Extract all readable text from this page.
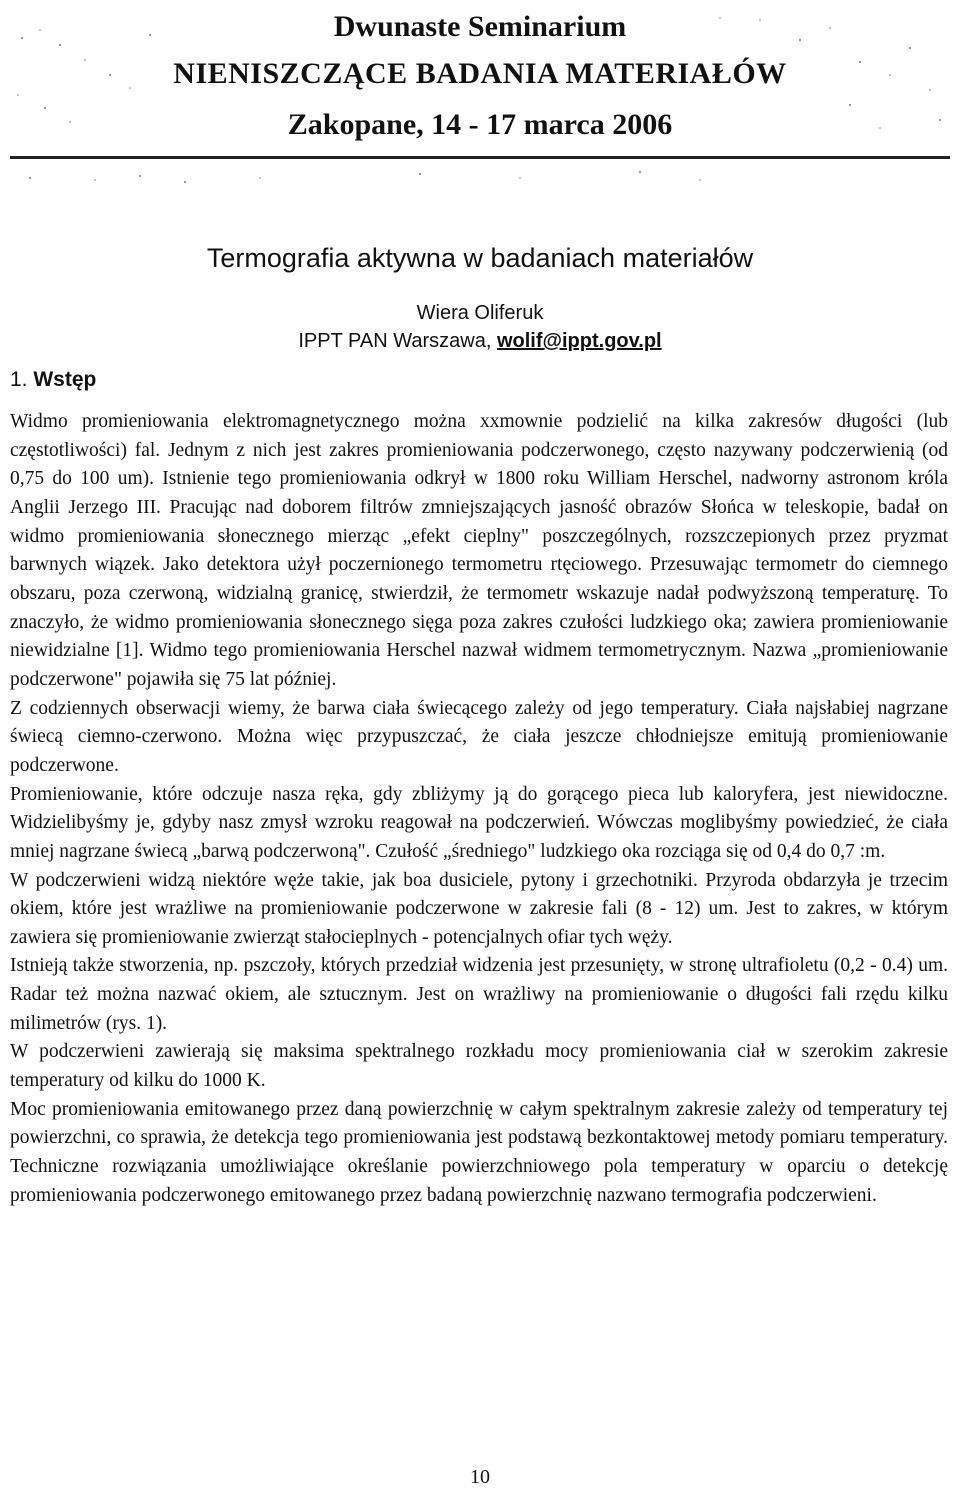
Dwunaste Seminarium
NIENISZCZĄCE BADANIA MATERIAŁÓW
Zakopane, 14 - 17 marca 2006
Termografia aktywna w badaniach materiałów
Wiera Oliferuk
IPPT PAN Warszawa, wolif@ippt.gov.pl
1. Wstęp

Widmo promieniowania elektromagnetycznego można xxmownie podzielić na kilka zakresów długości (lub częstotliwości) fal. Jednym z nich jest zakres promieniowania podczerwonego, często nazywany podczerwienią (od 0,75 do 100 um). Istnienie tego promieniowania odkrył w 1800 roku William Herschel, nadworny astronom króla Anglii Jerzego III. Pracując nad doborem filtrów zmniejszających jasność obrazów Słońca w teleskopie, badał on widmo promieniowania słonecznego mierząc „efekt cieplny" poszczególnych, rozszczepionych przez pryzmat barwnych wiązek. Jako detektora użył poczernionego termometru rtęciowego. Przesuwając termometr do ciemnego obszaru, poza czerwoną, widzialną granicę, stwierdził, że termometr wskazuje nadał podwyższoną temperaturę. To znaczyło, że widmo promieniowania słonecznego sięga poza zakres czułości ludzkiego oka; zawiera promieniowanie niewidzialne [1]. Widmo tego promieniowania Herschel nazwał widmem termometrycznym. Nazwa „promieniowanie podczerwone" pojawiła się 75 lat później.

Z codziennych obserwacji wiemy, że barwa ciała świecącego zależy od jego temperatury. Ciała najsłabiej nagrzane świecą ciemno-czerwono. Można więc przypuszczać, że ciała jeszcze chłodniejsze emitują promieniowanie podczerwone.

Promieniowanie, które odczuje nasza ręka, gdy zbliżymy ją do gorącego pieca lub kaloryfera, jest niewidoczne. Widzielibyśmy je, gdyby nasz zmysł wzroku reagował na podczerwień. Wówczas moglibyśmy powiedzieć, że ciała mniej nagrzane świecą „barwą podczerwoną". Czułość „średniego" ludzkiego oka rozciąga się od 0,4 do 0,7 :m.

W podczerwieni widzą niektóre węże takie, jak boa dusiciele, pytony i grzechotniki. Przyroda obdarzyła je trzecim okiem, które jest wrażliwe na promieniowanie podczerwone w zakresie fali (8 - 12) um. Jest to zakres, w którym zawiera się promieniowanie zwierząt stałocieplnych - potencjalnych ofiar tych węży.

Istnieją także stworzenia, np. pszczoły, których przedział widzenia jest przesunięty, w stronę ultrafioletu (0,2 - 0.4) um. Radar też można nazwać okiem, ale sztucznym. Jest on wrażliwy na promieniowanie o długości fali rzędu kilku milimetrów (rys. 1).

W podczerwieni zawierają się maksima spektralnego rozkładu mocy promieniowania ciał w szerokim zakresie temperatury od kilku do 1000 K.

Moc promieniowania emitowanego przez daną powierzchnię w całym spektralnym zakresie zależy od temperatury tej powierzchni, co sprawia, że detekcja tego promieniowania jest podstawą bezkontaktowej metody pomiaru temperatury. Techniczne rozwiązania umożliwiające określanie powierzchniowego pola temperatury w oparciu o detekcję promieniowania podczerwonego emitowanego przez badaną powierzchnię nazwano termografia podczerwieni.

10
